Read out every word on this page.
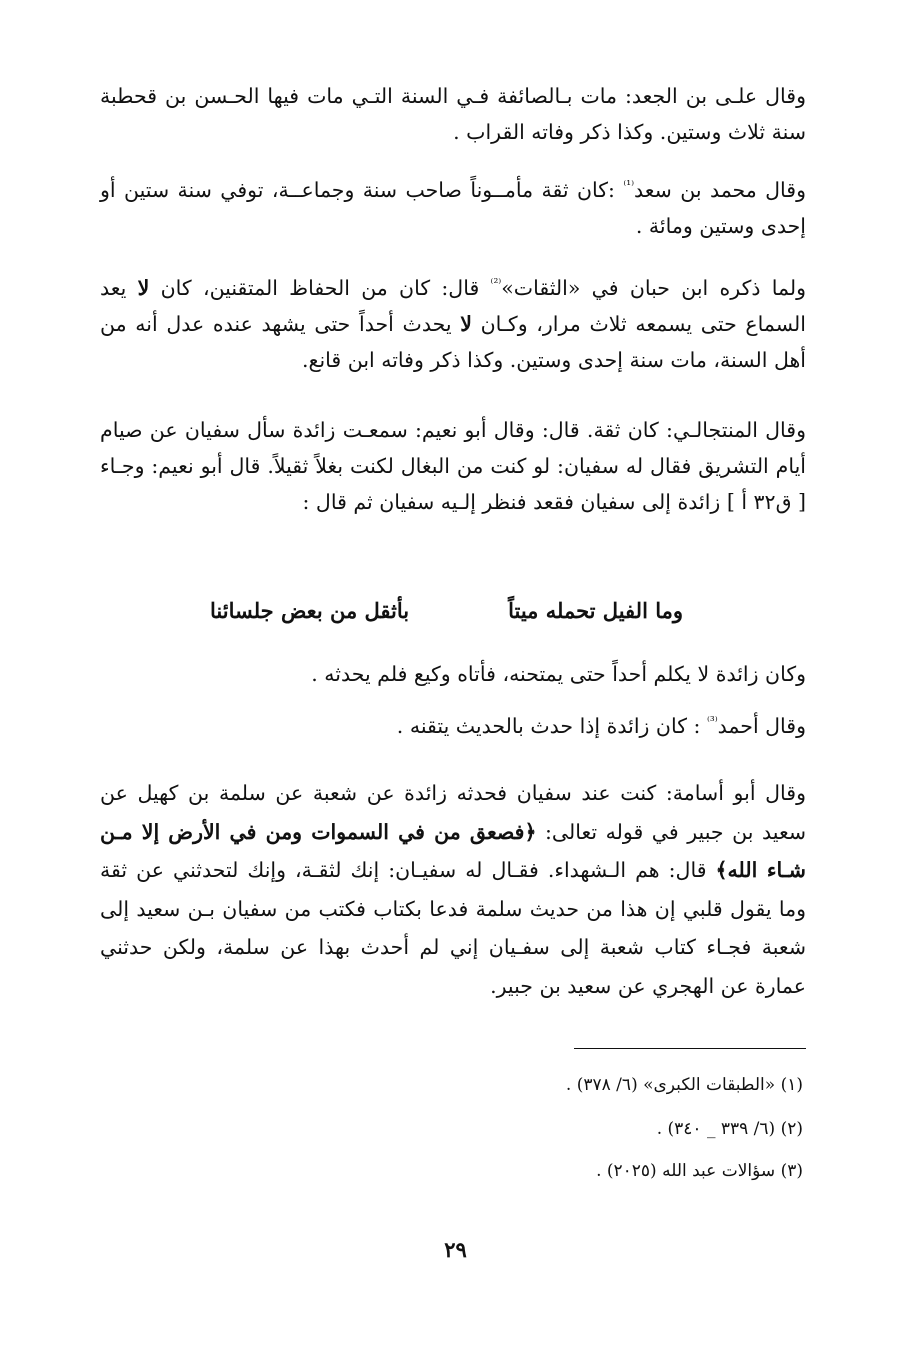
وقال علـى بن الجعد: مات بـالصائفة فـي السنة التـي مات فيها الحـسن بن قحطبة سنة ثلاث وستين. وكذا ذكر وفاته القراب .

وقال محمد بن سعد$^{^{(1)}}$ :كان ثقة مأمــوناً صاحب سنة وجماعــة، توفي سنة ستين أو إحدى وستين ومائة .

ولما ذكره ابن حبان في «الثقات»$^{^{(2)}}$ قال: كان من الحفاظ المتقنين، كان لا يعد السماع حتى يسمعه ثلاث مرار، وكـان لا يحدث أحداً حتى يشهد عنده عدل أنه من أهل السنة، مات سنة إحدى وستين. وكذا ذكر وفاته ابن قانع.

وقال المنتجالـي: كان ثقة. قال: وقال أبو نعيم: سمعـت زائدة سأل سفيان عن صيام أيام التشريق فقال له سفيان: لو كنت من البغال لكنت بغلاً ثقيلاً. قال أبو نعيم: وجـاء [ ق٣٢ أ ] زائدة إلى سفيان فقعد فنظر إلـيه سفيان ثم قال :

وما الفيل تحمله ميتاً
بأثقل من بعض جلسائنا

وكان زائدة لا يكلم أحداً حتى يمتحنه، فأتاه وكيع فلم يحدثه .

وقال أحمد$^{^{(3)}}$ : كان زائدة إذا حدث بالحديث يتقنه .

وقال أبو أسامة: كنت عند سفيان فحدثه زائدة عن شعبة عن سلمة بن كهيل عن سعيد بن جبير في قوله تعالى: ﴿فصعق من في السموات ومن في الأرض إلا مـن شـاء الله﴾ قال: هم الـشهداء. فقـال له سفيـان: إنك لثقـة، وإنك لتحدثني عن ثقة وما يقول قلبي إن هذا من حديث سلمة فدعا بكتاب فكتب من سفيان بـن سعيد إلى شعبة فجـاء كتاب شعبة إلى سفـيان إني لم أحدث بهذا عن سلمة، ولكن حدثني عمارة عن الهجري عن سعيد بن جبير.

(١) «الطبقات الكبرى» (٦/ ٣٧٨) .
(٢) (٦/ ٣٣٩ _ ٣٤٠) .
(٣) سؤالات عبد الله (٢٠٢٥) .
٢٩
